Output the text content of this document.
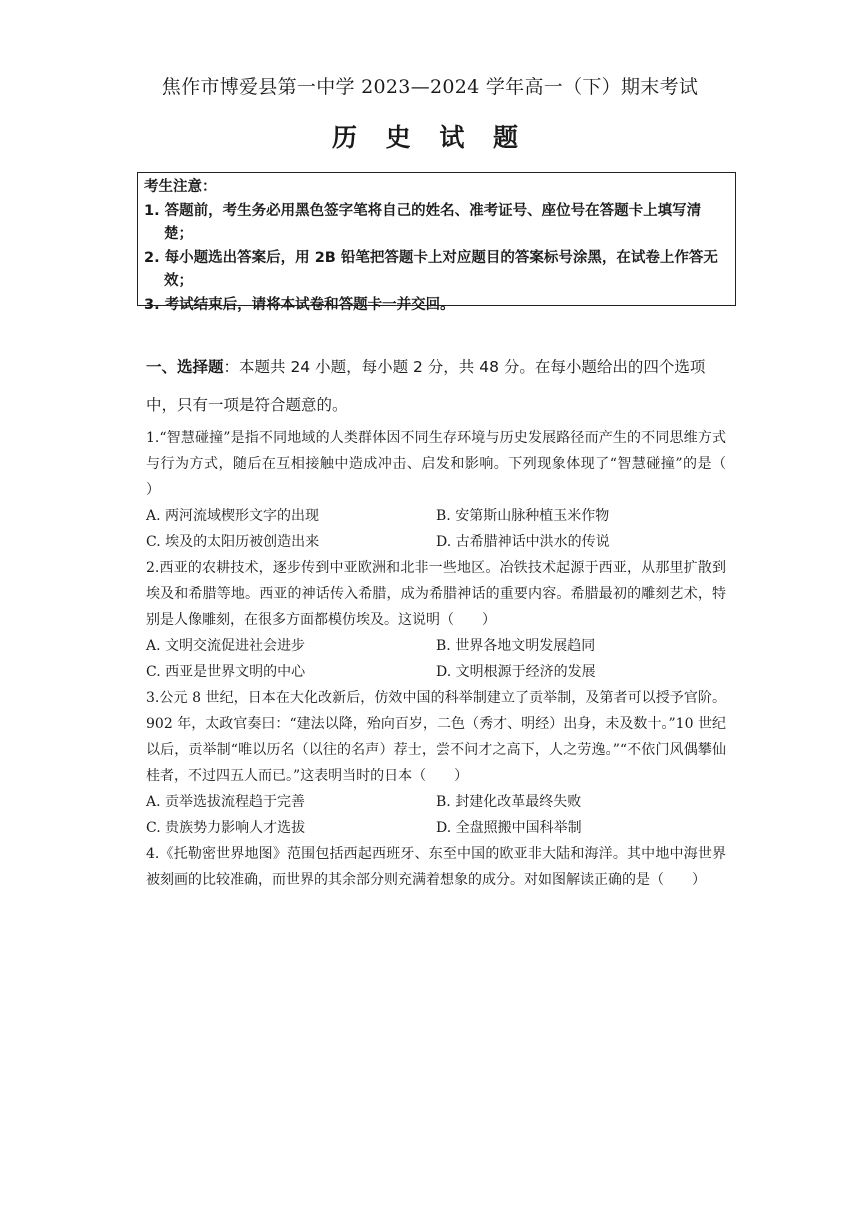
焦作市博爱县第一中学 2023—2024 学年高一（下）期末考试
历 史 试 题
考生注意：
1. 答题前，考生务必用黑色签字笔将自己的姓名、准考证号、座位号在答题卡上填写清楚；
2. 每小题选出答案后，用 2B 铅笔把答题卡上对应题目的答案标号涂黑，在试卷上作答无效；
3. 考试结束后，请将本试卷和答题卡一并交回。
一、选择题：本题共 24 小题，每小题 2 分，共 48 分。在每小题给出的四个选项中，只有一项是符合题意的。
1.“智慧碰撞”是指不同地域的人类群体因不同生存环境与历史发展路径而产生的不同思维方式与行为方式，随后在互相接触中造成冲击、启发和影响。下列现象体现了“智慧碰撞”的是（　　）
A. 两河流域楔形文字的出现	B. 安第斯山脉种植玉米作物
C. 埃及的太阳历被创造出来	D. 古希腊神话中洪水的传说
2.西亚的农耕技术，逐步传到中亚欧洲和北非一些地区。冶铁技术起源于西亚，从那里扩散到埃及和希腊等地。西亚的神话传入希腊，成为希腊神话的重要内容。希腊最初的雕刻艺术，特别是人像雕刻，在很多方面都模仿埃及。这说明（　　）
A. 文明交流促进社会进步	B. 世界各地文明发展趋同
C. 西亚是世界文明的中心	D. 文明根源于经济的发展
3.公元 8 世纪，日本在大化改新后，仿效中国的科举制建立了贡举制，及第者可以授予官阶。902 年，太政官奏曰：“建法以降，殆向百岁，二色（秀才、明经）出身，未及数十。”10 世纪以后，贡举制“唯以历名（以往的名声）荐士，尝不问才之高下，人之劳逸。”“不依门风偶攀仙桂者，不过四五人而已。”这表明当时的日本（　　）
A. 贡举选拔流程趋于完善	B. 封建化改革最终失败
C. 贵族势力影响人才选拔	D. 全盘照搬中国科举制
4.《托勒密世界地图》范围包括西起西班牙、东至中国的欧亚非大陆和海洋。其中地中海世界被刻画的比较准确，而世界的其余部分则充满着想象的成分。对如图解读正确的是（　　）
